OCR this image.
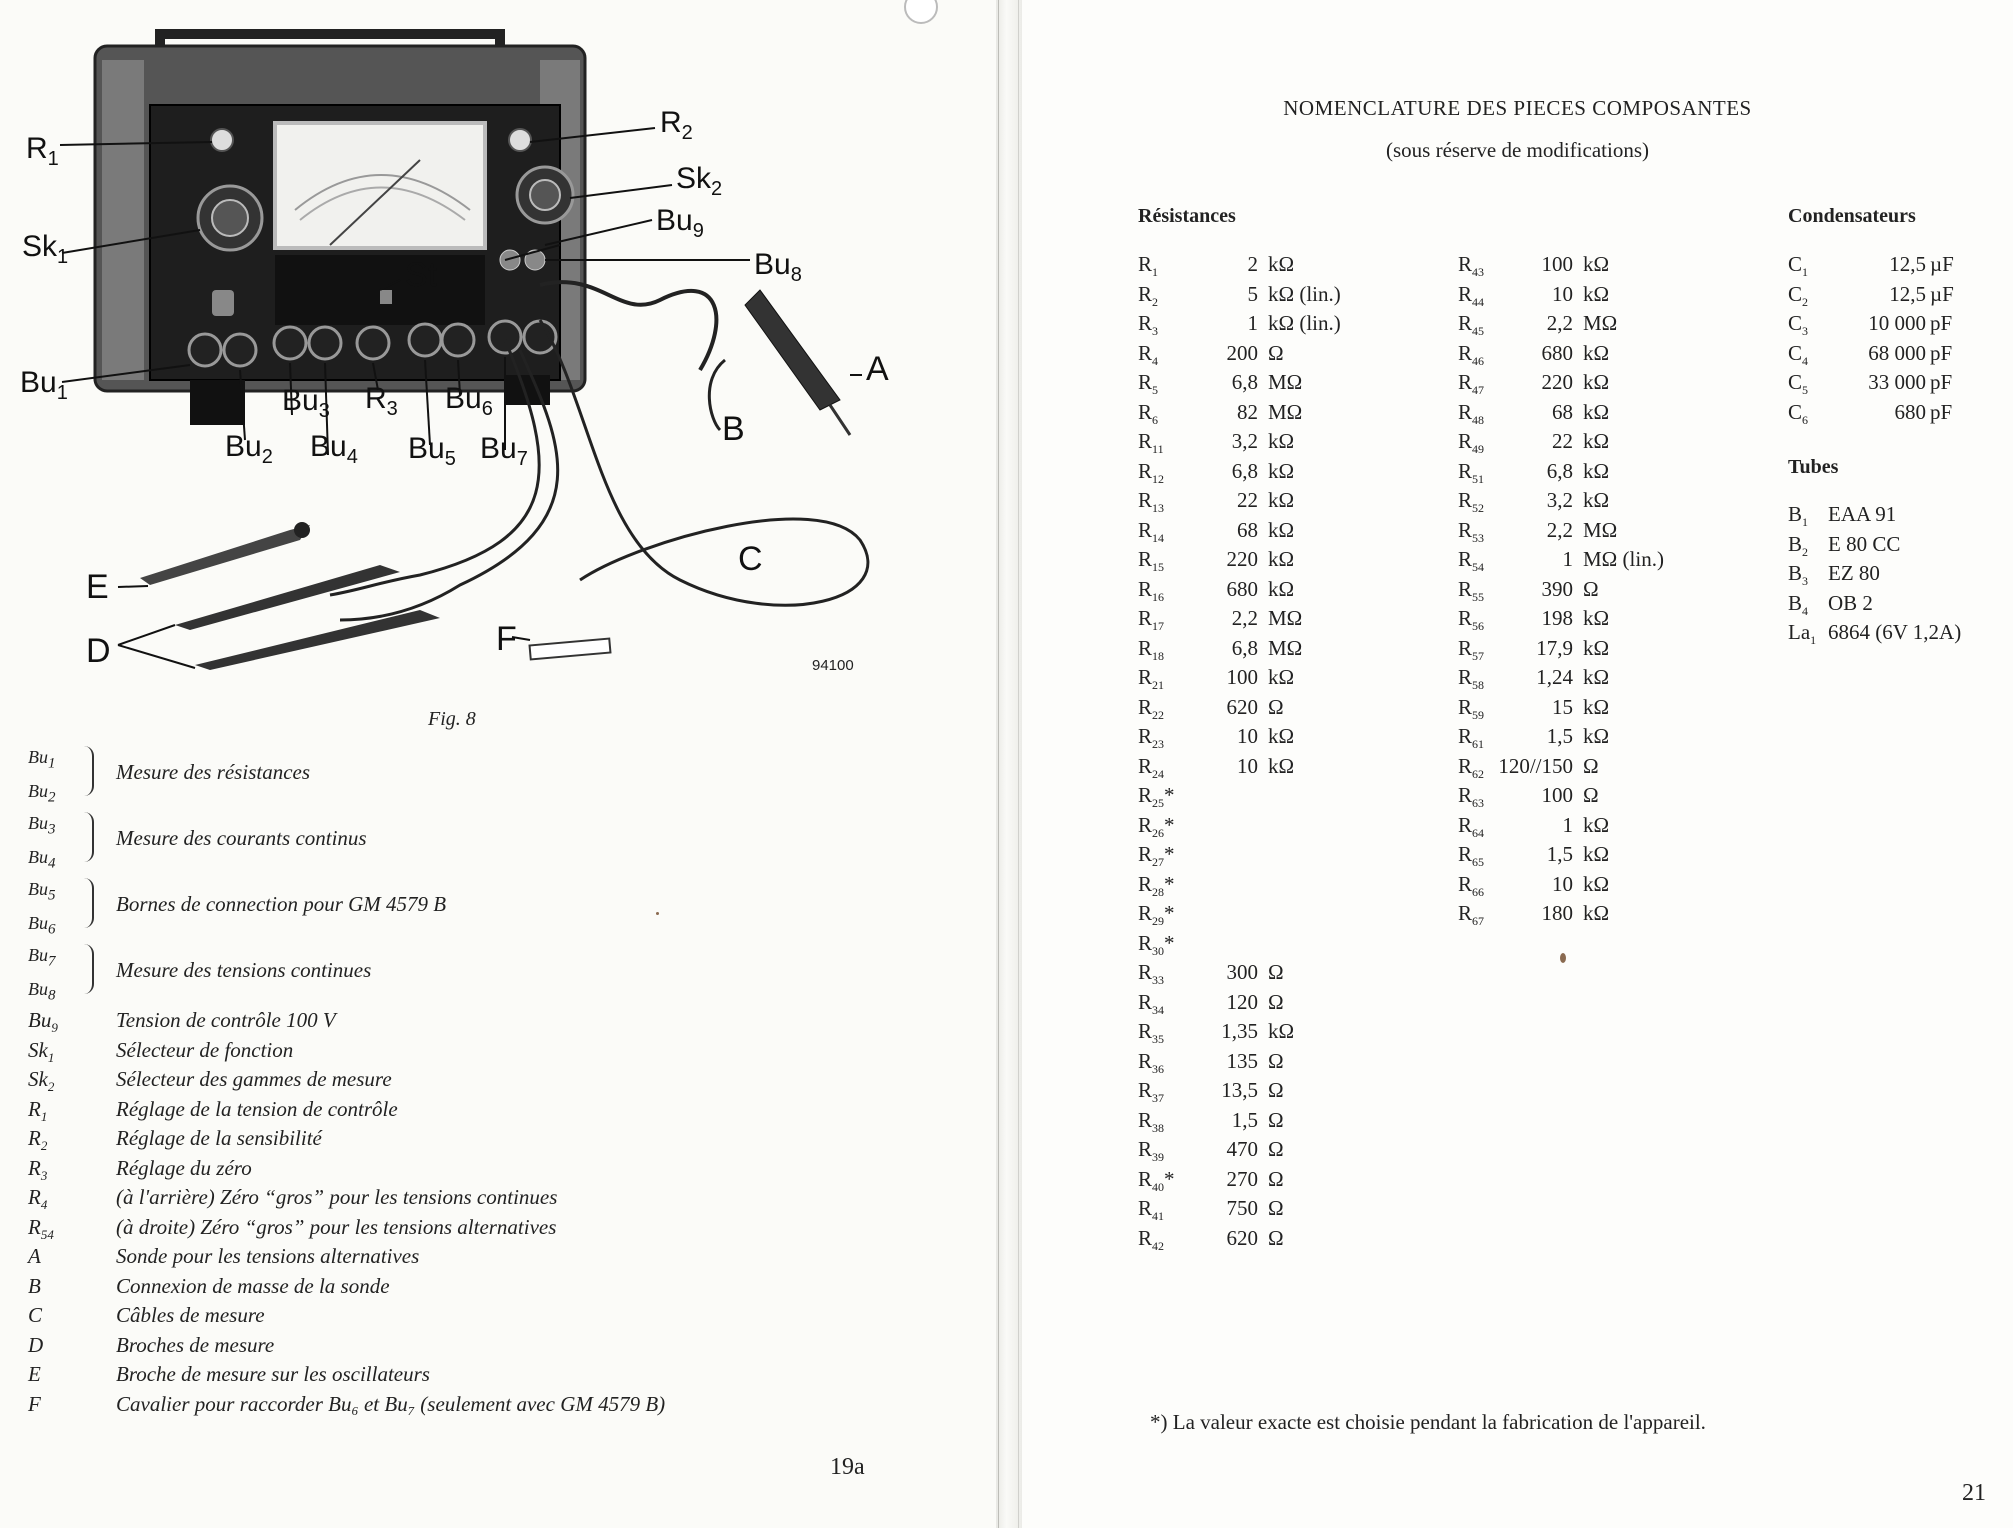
94100
$R_1$
$R_2$
$Sk_1$
$Sk_2$
$Bu_9$
$Bu_8$
St
$Bu_1$	$Bu_3$ $R_3$ $Bu_6$
$Bu_2$ $Bu_4$ $Bu_5$ $Bu_7$
A
B
C
E
D	F
Fig. 8
$Bu_1$
$Bu_2$
Mesure des résistances
$Bu_3$
$Bu_4$
Mesure des courants continus
$Bu_5$
$Bu_6$
Bornes de connection pour GM 4579 B
$Bu_7$
$Bu_8$
Mesure des tensions continues
$Bu_9$	Tension de contrôle 100 V
$Sk_1$	Sélecteur de fonction
$Sk_2$	Sélecteur des gammes de mesure
$R_1$	Réglage de la tension de contrôle
$R_2$	Réglage de la sensibilité
$R_3$	Réglage du zéro
$R_4$	(à l'arrière) Zéro “gros” pour les tensions continues
$R_{54}$	(à droite) Zéro “gros” pour les tensions alternatives
A	Sonde pour les tensions alternatives
B	Connexion de masse de la sonde
C	Câbles de mesure
D	Broches de mesure
E	Broche de mesure sur les oscillateurs
F	Cavalier pour raccorder Bu₆ et Bu₇ (seulement avec GM 4579 B)
19a
NOMENCLATURE DES PIECES COMPOSANTES
(sous réserve de modifications)
Résistances	Condensateurs
Tubes
$R_1$	2 kΩ
$R_2$	5 kΩ (lin.)
$R_3$	1 kΩ (lin.)
$R_4$	200 Ω
$R_5$	6,8 MΩ
$R_6$	82 MΩ
$R_{11}$	3,2 kΩ
$R_{12}$	6,8 kΩ
$R_{13}$	22 kΩ
$R_{14}$	68 kΩ
$R_{15}$	220 kΩ
$R_{16}$	680 kΩ
$R_{17}$	2,2 MΩ
$R_{18}$	6,8 MΩ
$R_{21}$	100 kΩ
$R_{22}$	620 Ω
$R_{23}$	10 kΩ
$R_{24}$	10 kΩ
$R_{25}*$
$R_{26}*$
$R_{27}*$
$R_{28}*$
$R_{29}*$
$R_{30}*$
$R_{33}$	300 Ω
$R_{34}$	120 Ω
$R_{35}$	1,35 kΩ
$R_{36}$	135 Ω
$R_{37}$	13,5 Ω
$R_{38}$	1,5 Ω
$R_{39}$	470 Ω
$R_{40}*$ 270 Ω
$R_{41}$	750 Ω
$R_{42}$	620 Ω
$R_{43}$	100 kΩ
$R_{44}$	10 kΩ
$R_{45}$	2,2 MΩ
$R_{46}$	680 kΩ
$R_{47}$	220 kΩ
$R_{48}$	68 kΩ
$R_{49}$	22 kΩ
$R_{51}$	6,8 kΩ
$R_{52}$	3,2 kΩ
$R_{53}$	2,2 MΩ
$R_{54}$	1 MΩ (lin.)
$R_{55}$	390 Ω
$R_{56}$	198 kΩ
$R_{57}$ 17,9 kΩ
$R_{58}$ 1,24 kΩ
$R_{59}$	15 kΩ
$R_{61}$	1,5 kΩ
$R_{62}$ 120//150 Ω
$R_{63}$	100 Ω
$R_{64}$	1 kΩ
$R_{65}$	1,5 kΩ
$R_{66}$	10 kΩ
$R_{67}$	180 kΩ
$C_1$	12,5 µF
$C_2$	12,5 µF
$C_3$	10 000 pF
$C_4$	68 000 pF
$C_5$	33 000 pF
$C_6$	680 pF
$B_1$ EAA 91
$B_2$ E 80 CC
$B_3$ EZ 80
$B_4$ OB 2
$La_1$ 6864 (6V 1,2A)
*) La valeur exacte est choisie pendant la fabrication de l'appareil.
21
